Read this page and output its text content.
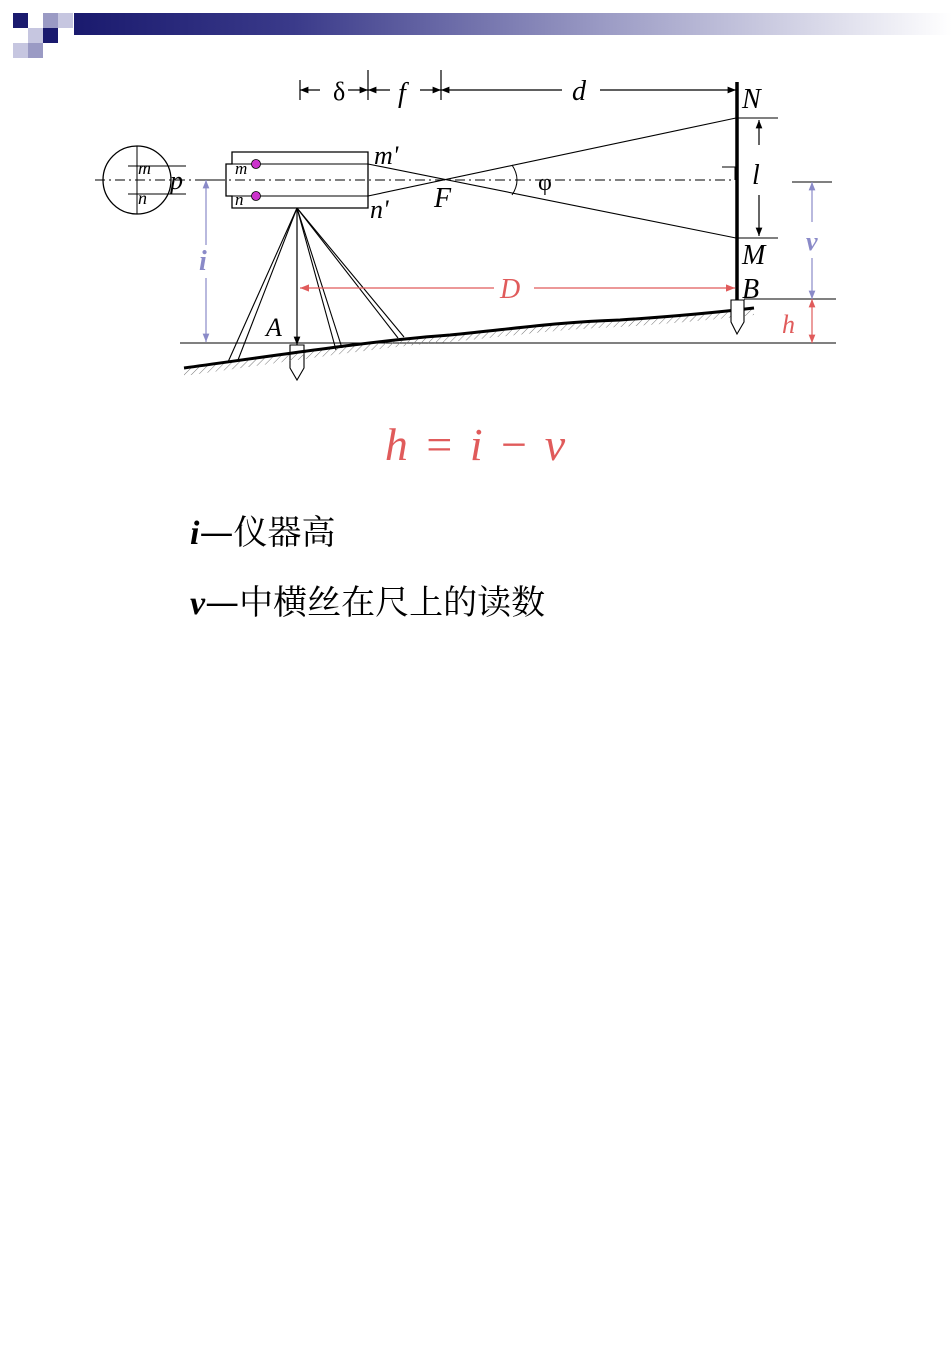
δ f	d
m
n
p	m
n
m'
n' F	φ
A
i
D
N
M
B
l
v
h
h = i − v
i—仪器高
v—中横丝在尺上的读数
